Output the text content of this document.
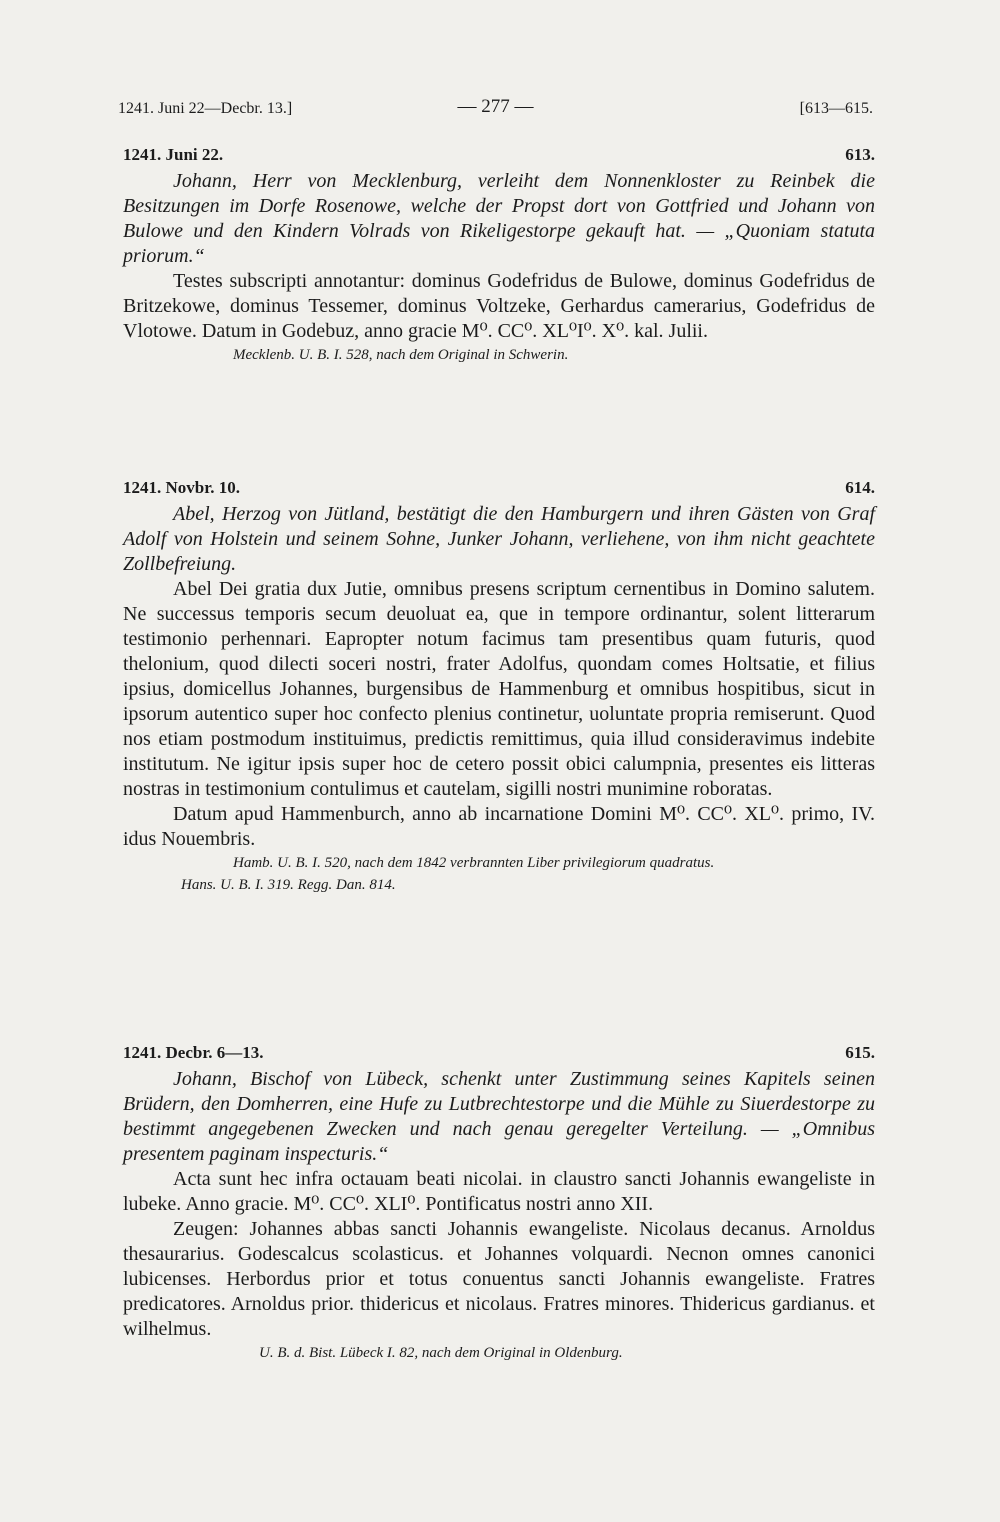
1241. Juni 22—Decbr. 13.]	— 277 —	[613—615.
1241. Juni 22.	613.

Johann, Herr von Mecklenburg, verleiht dem Nonnenkloster zu Reinbek die Besitzungen im Dorfe Rosenowe, welche der Propst dort von Gottfried und Johann von Bulowe und den Kindern Volrads von Rikeligestorpe gekauft hat. — „Quoniam statuta priorum.“

Testes subscripti annotantur: dominus Godefridus de Bulowe, dominus Godefridus de Britzekowe, dominus Tessemer, dominus Voltzeke, Gerhardus camerarius, Godefridus de Vlotowe. Datum in Godebuz, anno gracie M⁰. CC⁰. XL⁰I⁰. X⁰. kal. Julii.

Mecklenb. U. B. I. 528, nach dem Original in Schwerin.

1241. Novbr. 10.	614.

Abel, Herzog von Jütland, bestätigt die den Hamburgern und ihren Gästen von Graf Adolf von Holstein und seinem Sohne, Junker Johann, verliehene, von ihm nicht geachtete Zollbefreiung.

Abel Dei gratia dux Jutie, omnibus presens scriptum cernentibus in Domino salutem. Ne successus temporis secum deuoluat ea, que in tempore ordinantur, solent litterarum testimonio perhennari. Eapropter notum facimus tam presentibus quam futuris, quod thelonium, quod dilecti soceri nostri, frater Adolfus, quondam comes Holtsatie, et filius ipsius, domicellus Johannes, burgensibus de Hammenburg et omnibus hospitibus, sicut in ipsorum autentico super hoc confecto plenius continetur, uoluntate propria remiserunt. Quod nos etiam postmodum instituimus, predictis remittimus, quia illud consideravimus indebite institutum. Ne igitur ipsis super hoc de cetero possit obici calumpnia, presentes eis litteras nostras in testimonium contulimus et cautelam, sigilli nostri munimine roboratas.

Datum apud Hammenburch, anno ab incarnatione Domini M⁰. CC⁰. XL⁰. primo, IV. idus Nouembris.

Hamb. U. B. I. 520, nach dem 1842 verbrannten Liber privilegiorum quadratus.

Hans. U. B. I. 319. Regg. Dan. 814.

1241. Decbr. 6—13.	615.

Johann, Bischof von Lübeck, schenkt unter Zustimmung seines Kapitels seinen Brüdern, den Domherren, eine Hufe zu Lutbrechtestorpe und die Mühle zu Siuerdestorpe zu bestimmt angegebenen Zwecken und nach genau geregelter Verteilung. — „Omnibus presentem paginam inspecturis.“

Acta sunt hec infra octauam beati nicolai. in claustro sancti Johannis ewangeliste in lubeke. Anno gracie. M⁰. CC⁰. XLI⁰. Pontificatus nostri anno XII.

Zeugen: Johannes abbas sancti Johannis ewangeliste. Nicolaus decanus. Arnoldus thesaurarius. Godescalcus scolasticus. et Johannes volquardi. Necnon omnes canonici lubicenses. Herbordus prior et totus conuentus sancti Johannis ewangeliste. Fratres predicatores. Arnoldus prior. thidericus et nicolaus. Fratres minores. Thidericus gardianus. et wilhelmus.

U. B. d. Bist. Lübeck I. 82, nach dem Original in Oldenburg.
